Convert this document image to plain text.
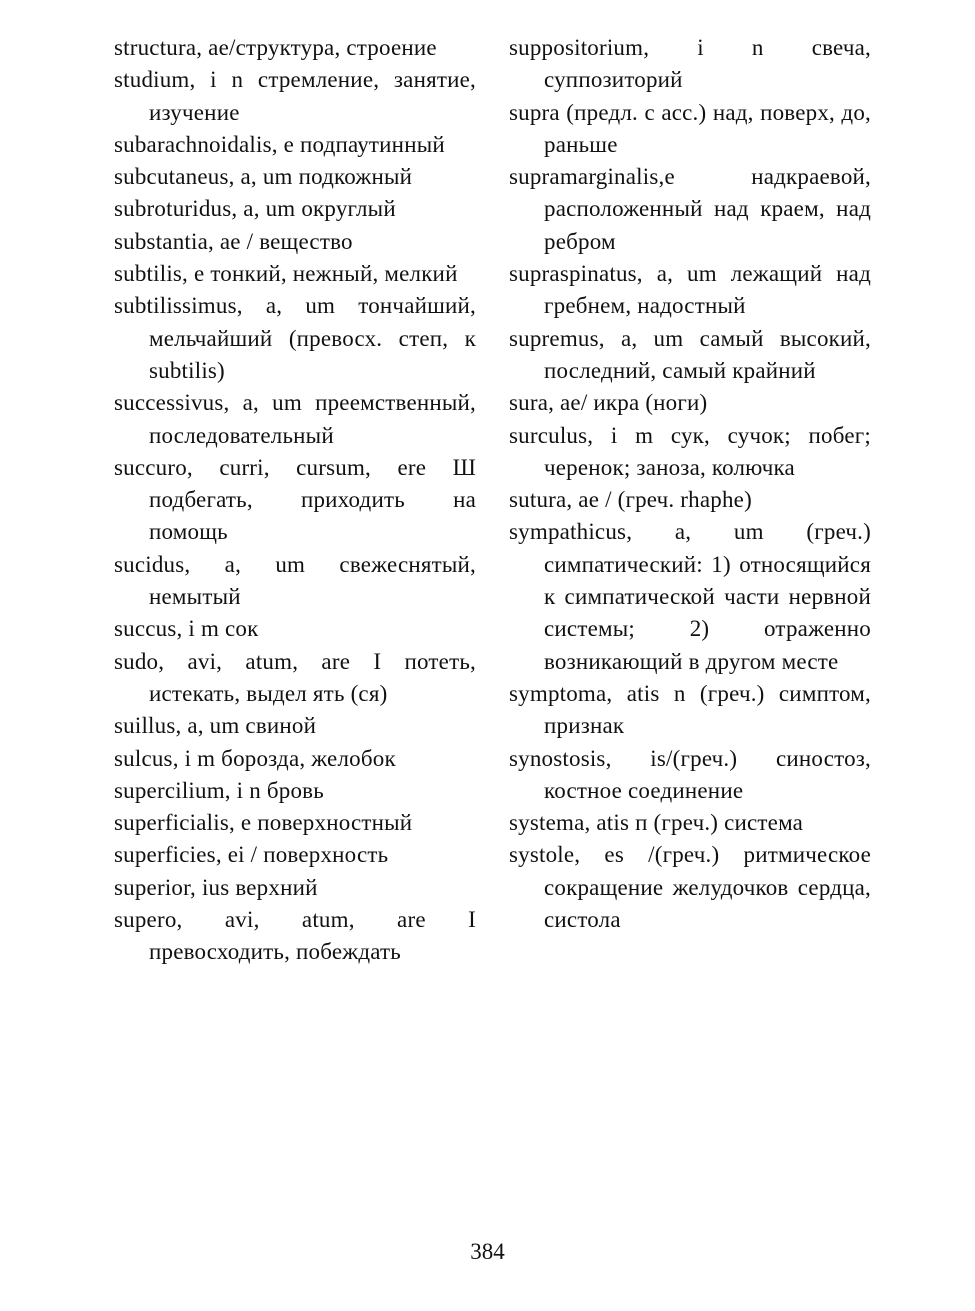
structura, ae/структура, строение

studium, i n стремление, занятие, изучение

subarachnoidalis, e подпаутинный

subcutaneus, a, um подкожный

subroturidus, a, um округлый

substantia, ae / вещество

subtilis, e тонкий, нежный, мелкий

subtilissimus, a, um тончайший, мельчайший (превосх. степ, к subtilis)

successivus, a, um преемственный, последовательный

succuro, curri, cursum, ere Ш подбегать, приходить на помощь

sucidus, a, um свежеснятый, немытый

succus, i m сок

sudo, avi, atum, are I потеть, истекать, выдел ять (ся)

suillus, a, um свиной

sulcus, i m борозда, желобок

supercilium, i n бровь

superficialis, e поверхностный

superficies, ei / поверхность

superior, ius верхний

supero, avi, atum, are I превосходить, побеждать

suppositorium, i n свеча, суппозиторий

supra (предл. с асс.) над, поверх, до, раньше

supramarginalis,e надкраевой, расположенный над краем, над ребром

supraspinatus, a, um лежащий над гребнем, надостный

supremus, a, um самый высокий, последний, самый крайний

sura, ae/ икра (ноги)

surculus, i m сук, сучок; побег; черенок; заноза, колючка

sutura, ae / (греч. rhaphe)

sympathicus, a, um (греч.) симпатический: 1) относящийся к симпатической части нервной системы; 2) отраженно возникающий в другом месте

symptoma, atis n (греч.) симптом, признак

synostosis, is/(греч.) синостоз, костное соединение

systema, atis п (греч.) система

systole, es /(греч.) ритмическое сокращение желудочков сердца, систола

384
